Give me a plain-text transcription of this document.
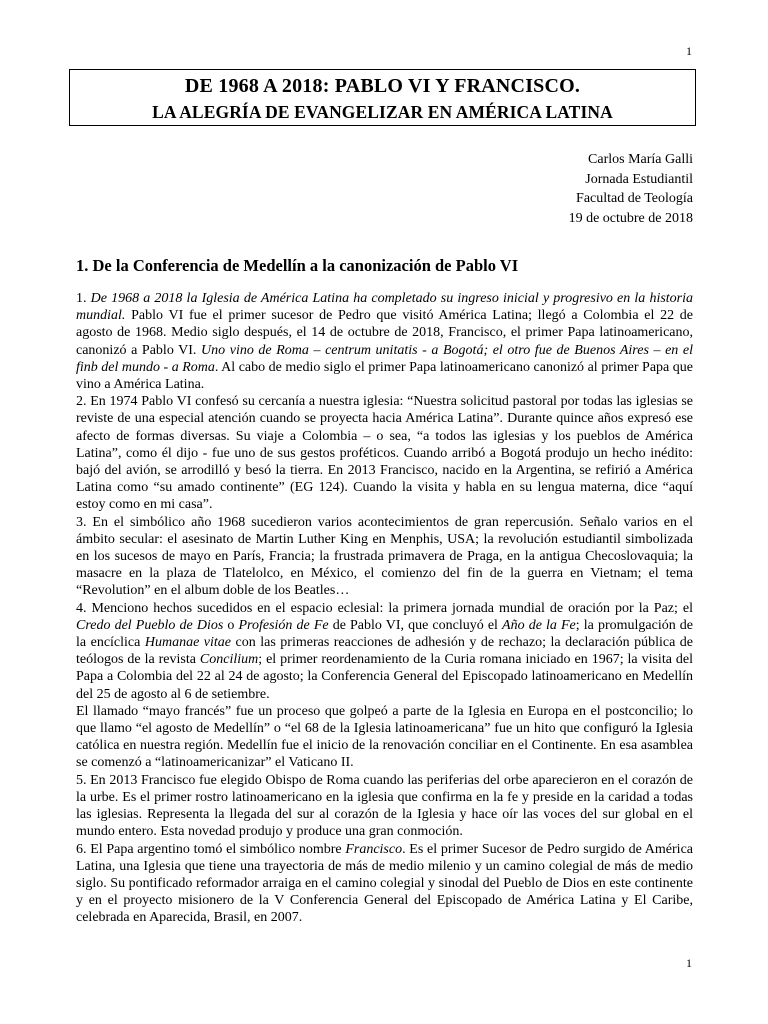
1
DE 1968 A 2018: PABLO VI Y FRANCISCO.
LA ALEGRÍA DE EVANGELIZAR EN AMÉRICA LATINA
Carlos María Galli
Jornada Estudiantil
Facultad de Teología
19 de octubre de 2018
1. De la Conferencia de Medellín a la canonización de Pablo VI

1. De 1968 a 2018 la Iglesia de América Latina ha completado su ingreso inicial y progresivo en la historia mundial. Pablo VI fue el primer sucesor de Pedro que visitó América Latina; llegó a Colombia el 22 de agosto de 1968. Medio siglo después, el 14 de octubre de 2018, Francisco, el primer Papa latinoamericano, canonizó a Pablo VI. Uno vino de Roma – centrum unitatis - a Bogotá; el otro fue de Buenos Aires – en el finb del mundo - a Roma. Al cabo de medio siglo el primer Papa latinoamericano canonizó al primer Papa que vino a América Latina.

2. En 1974 Pablo VI confesó su cercanía a nuestra iglesia: “Nuestra solicitud pastoral por todas las iglesias se reviste de una especial atención cuando se proyecta hacia América Latina”. Durante quince años expresó ese afecto de formas diversas. Su viaje a Colombia – o sea, “a todos las iglesias y los pueblos de América Latina”, como él dijo - fue uno de sus gestos proféticos. Cuando arribó a Bogotá produjo un hecho inédito: bajó del avión, se arrodilló y besó la tierra. En 2013 Francisco, nacido en la Argentina, se refirió a América Latina como “su amado continente” (EG 124). Cuando la visita y habla en su lengua materna, dice “aquí estoy como en mi casa”.

3. En el simbólico año 1968 sucedieron varios acontecimientos de gran repercusión. Señalo varios en el ámbito secular: el asesinato de Martin Luther King en Menphis, USA; la revolución estudiantil simbolizada en los sucesos de mayo en París, Francia; la frustrada primavera de Praga, en la antigua Checoslovaquia; la masacre en la plaza de Tlatelolco, en México, el comienzo del fin de la guerra en Vietnam; el tema “Revolution” en el album doble de los Beatles…

4. Menciono hechos sucedidos en el espacio eclesial: la primera jornada mundial de oración por la Paz; el Credo del Pueblo de Dios o Profesión de Fe de Pablo VI, que concluyó el Año de la Fe; la promulgación de la encíclica Humanae vitae con las primeras reacciones de adhesión y de rechazo; la declaración pública de teólogos de la revista Concilium; el primer reordenamiento de la Curia romana iniciado en 1967; la visita del Papa a Colombia del 22 al 24 de agosto; la Conferencia General del Episcopado latinoamericano en Medellín del 25 de agosto al 6 de setiembre.

El llamado “mayo francés” fue un proceso que golpeó a parte de la Iglesia en Europa en el postconcilio; lo que llamo “el agosto de Medellín” o “el 68 de la Iglesia latinoamericana” fue un hito que configuró la Iglesia católica en nuestra región. Medellín fue el inicio de la renovación conciliar en el Continente. En esa asamblea se comenzó a “latinoamericanizar” el Vaticano II.

5. En 2013 Francisco fue elegido Obispo de Roma cuando las periferias del orbe aparecieron en el corazón de la urbe. Es el primer rostro latinoamericano en la iglesia que confirma en la fe y preside en la caridad a todas las iglesias. Representa la llegada del sur al corazón de la Iglesia y hace oír las voces del sur global en el mundo entero. Esta novedad produjo y produce una gran conmoción.

6. El Papa argentino tomó el simbólico nombre Francisco. Es el primer Sucesor de Pedro surgido de América Latina, una Iglesia que tiene una trayectoria de más de medio milenio y un camino colegial de más de medio siglo. Su pontificado reformador arraiga en el camino colegial y sinodal del Pueblo de Dios en este continente y en el proyecto misionero de la V Conferencia General del Episcopado de América Latina y El Caribe, celebrada en Aparecida, Brasil, en 2007.

1
